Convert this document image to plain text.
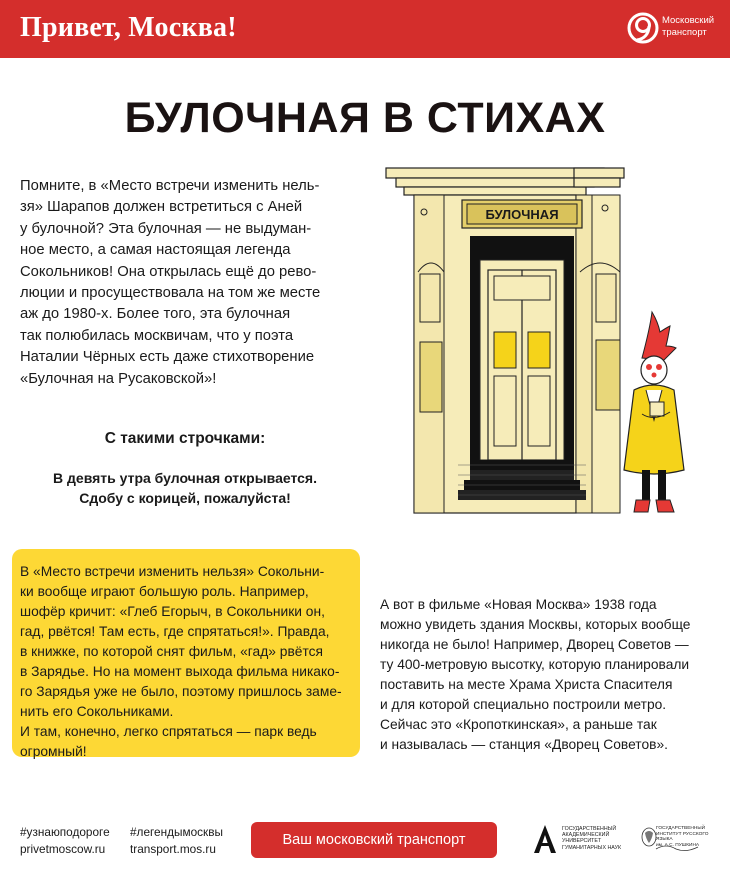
Привет, Москва!	Московский
транспорт
БУЛОЧНАЯ В СТИХАХ
Помните, в «Место встречи изменить нель-
зя» Шарапов должен встретиться с Аней
у булочной? Эта булочная — не выдуман-
ное место, а самая настоящая легенда
Сокольников! Она открылась ещё до рево-
люции и просуществовала на том же месте
аж до 1980-х. Более того, эта булочная
так полюбилась москвичам, что у поэта
Наталии Чёрных есть даже стихотворение
«Булочная на Русаковской»!
С такими строчками:
В девять утра булочная открывается.
Сдобу с корицей, пожалуйста!
БУЛОЧНАЯ
В «Место встречи изменить нельзя» Сокольни-
ки вообще играют большую роль. Например,
шофёр кричит: «Глеб Егорыч, в Сокольники он,
гад, рвётся! Там есть, где спрятаться!». Правда,
в книжке, по которой снят фильм, «гад» рвётся
в Зарядье. Но на момент выхода фильма никако-
го Зарядья уже не было, поэтому пришлось заме-
нить его Сокольниками.
И там, конечно, легко спрятаться — парк ведь
огромный!
А вот в фильме «Новая Москва» 1938 года
можно увидеть здания Москвы, которых вообще
никогда не было! Например, Дворец Советов —
ту 400-метровую высотку, которую планировали
поставить на месте Храма Христа Спасителя
и для которой специально построили метро.
Сейчас это «Кропоткинская», а раньше так
и называлась — станция «Дворец Советов».
#узнаюподороге
privetmoscow.ru
#легендымосквы
transport.mos.ru
Ваш московский транспорт
ГОСУДАРСТВЕННЫЙ
АКАДЕМИЧЕСКИЙ
УНИВЕРСИТЕТ
ГУМАНИТАРНЫХ НАУК
ГОСУДАРСТВЕННЫЙ
ИНСТИТУТ РУССКОГО ЯЗЫКА
им. А.С. ПУШКИНА
